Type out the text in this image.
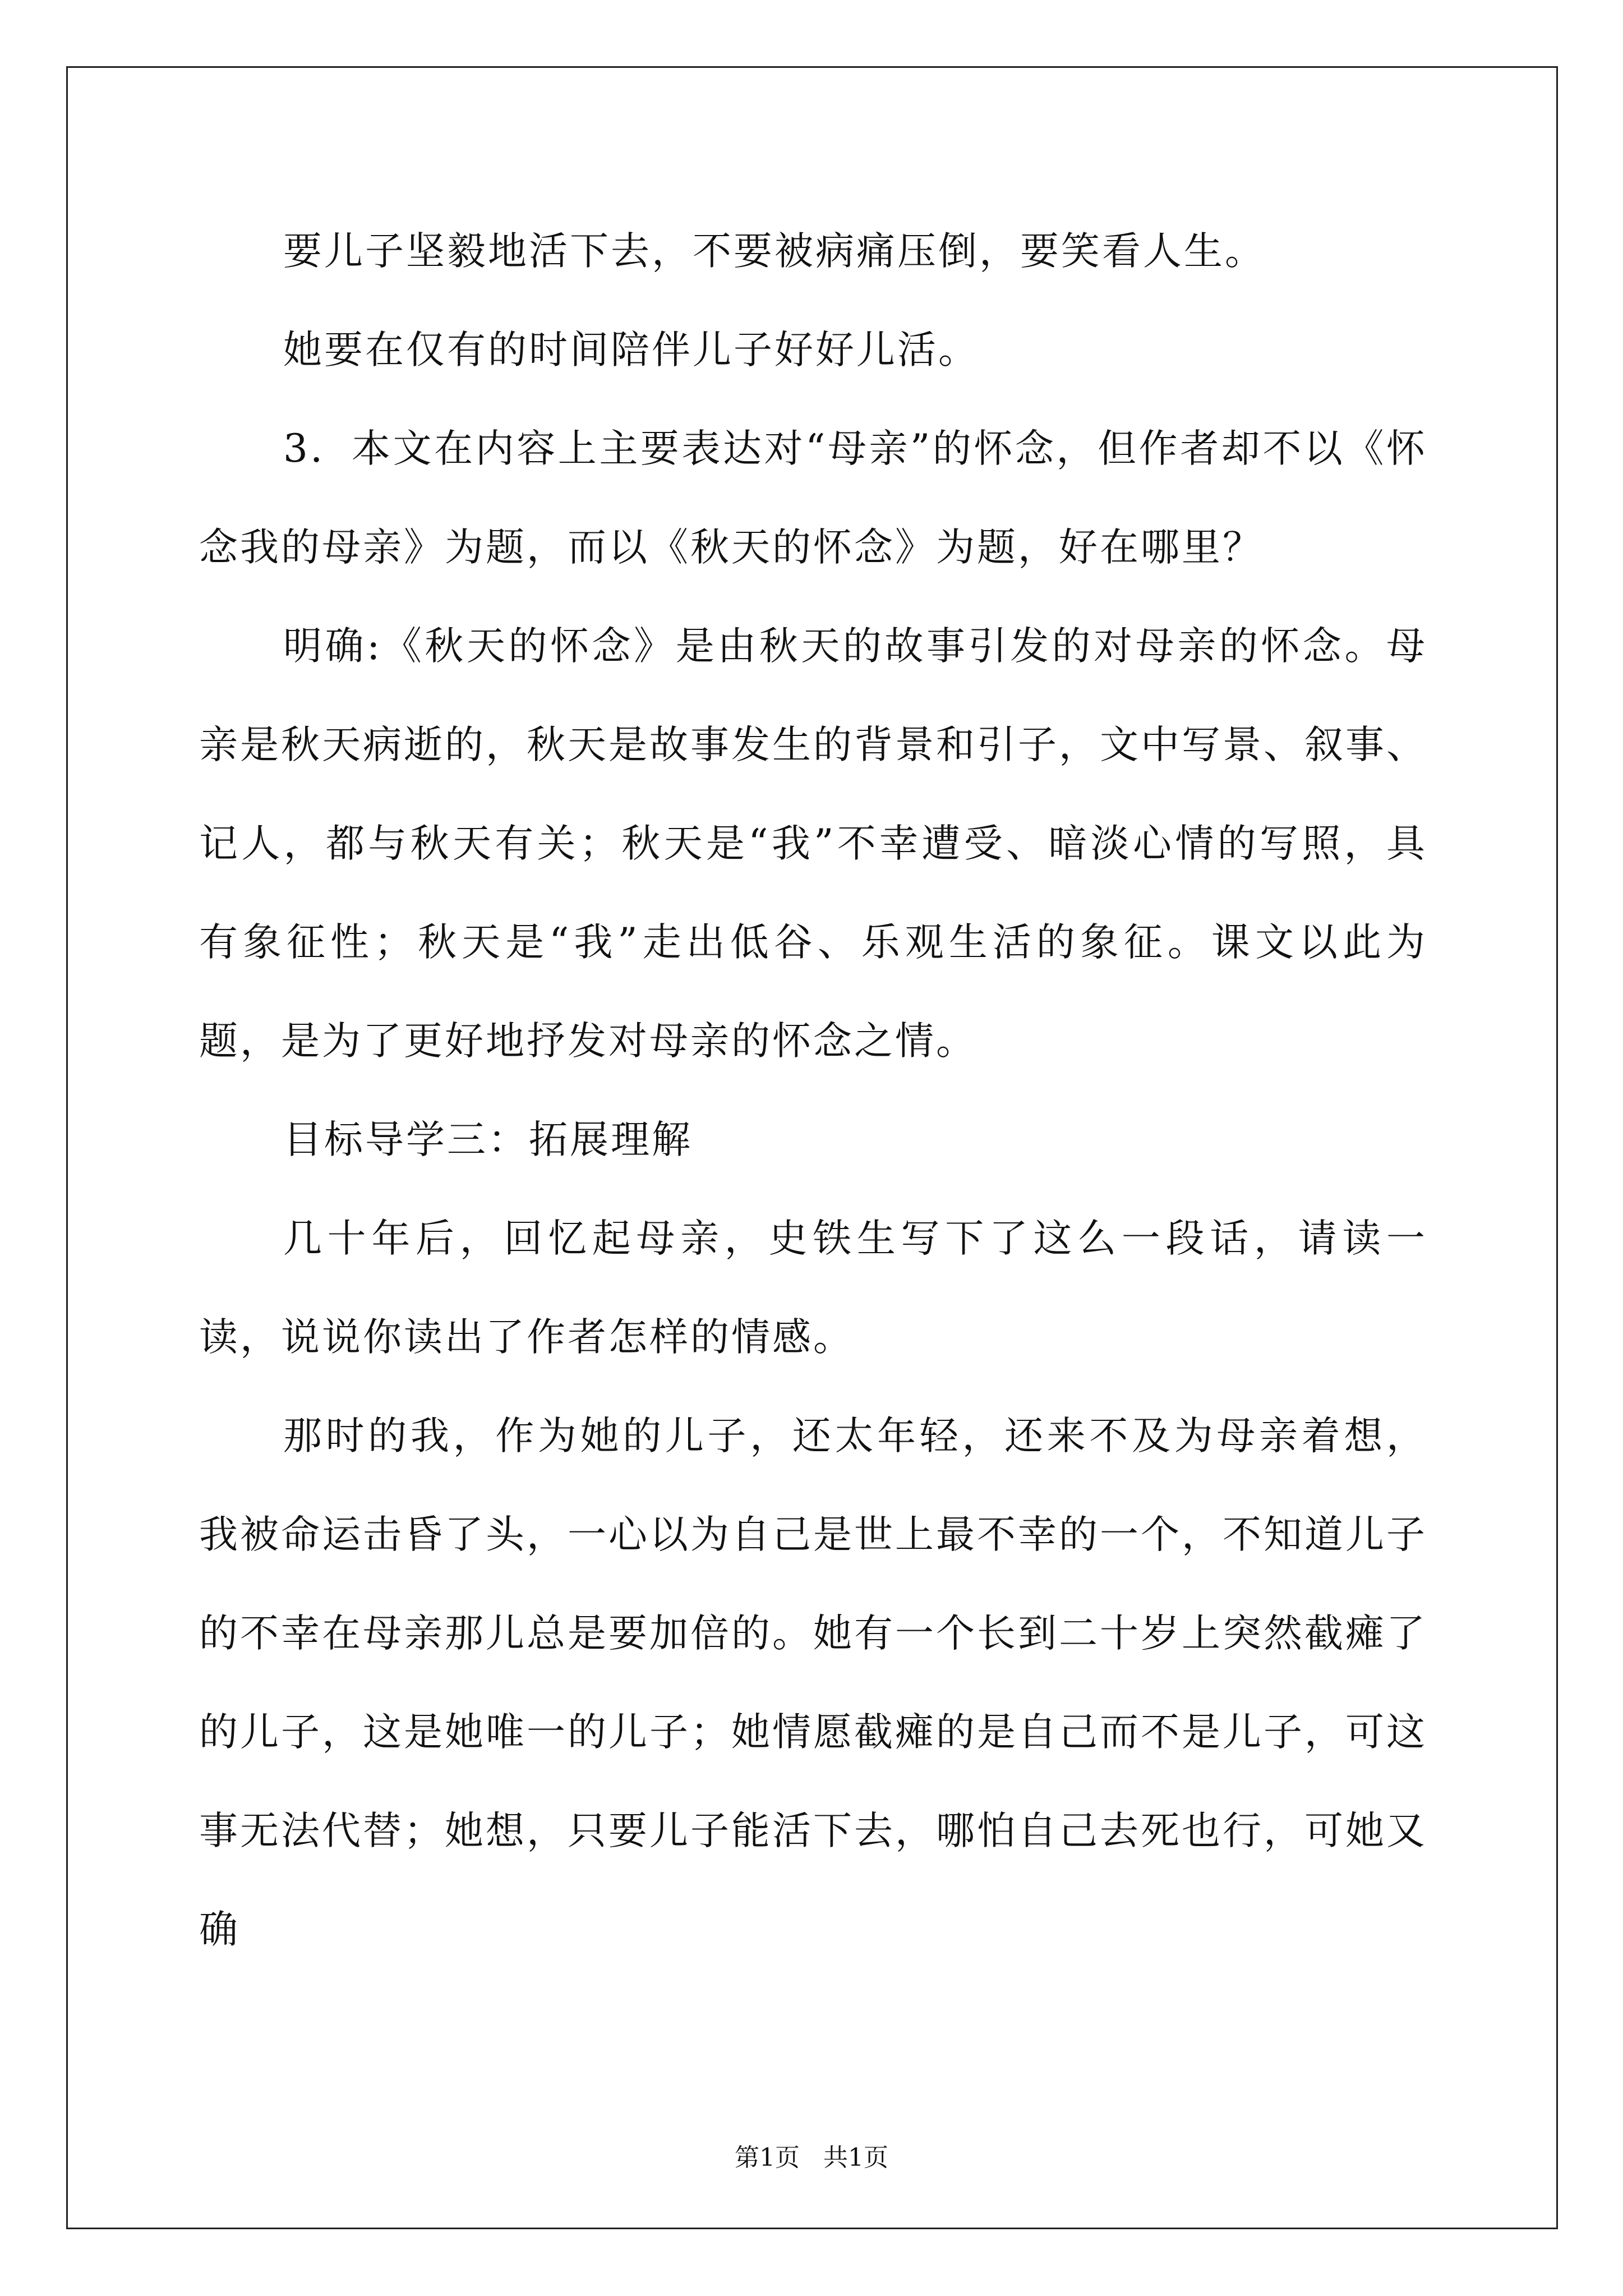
要儿子坚毅地活下去，不要被病痛压倒，要笑看人生。

她要在仅有的时间陪伴儿子好好儿活。

3．本文在内容上主要表达对“母亲”的怀念，但作者却不以《怀念我的母亲》为题，而以《秋天的怀念》为题，好在哪里？

明确:《秋天的怀念》是由秋天的故事引发的对母亲的怀念。母亲是秋天病逝的，秋天是故事发生的背景和引子，文中写景、叙事、记人，都与秋天有关；秋天是“我”不幸遭受、暗淡心情的写照，具有象征性；秋天是“我”走出低谷、乐观生活的象征。课文以此为题，是为了更好地抒发对母亲的怀念之情。

目标导学三：拓展理解

几十年后，回忆起母亲，史铁生写下了这么一段话，请读一读，说说你读出了作者怎样的情感。

那时的我，作为她的儿子，还太年轻，还来不及为母亲着想，我被命运击昏了头，一心以为自己是世上最不幸的一个，不知道儿子的不幸在母亲那儿总是要加倍的。她有一个长到二十岁上突然截瘫了的儿子，这是她唯一的儿子；她情愿截瘫的是自己而不是儿子，可这事无法代替；她想，只要儿子能活下去，哪怕自己去死也行，可她又确

第1页 共1页
